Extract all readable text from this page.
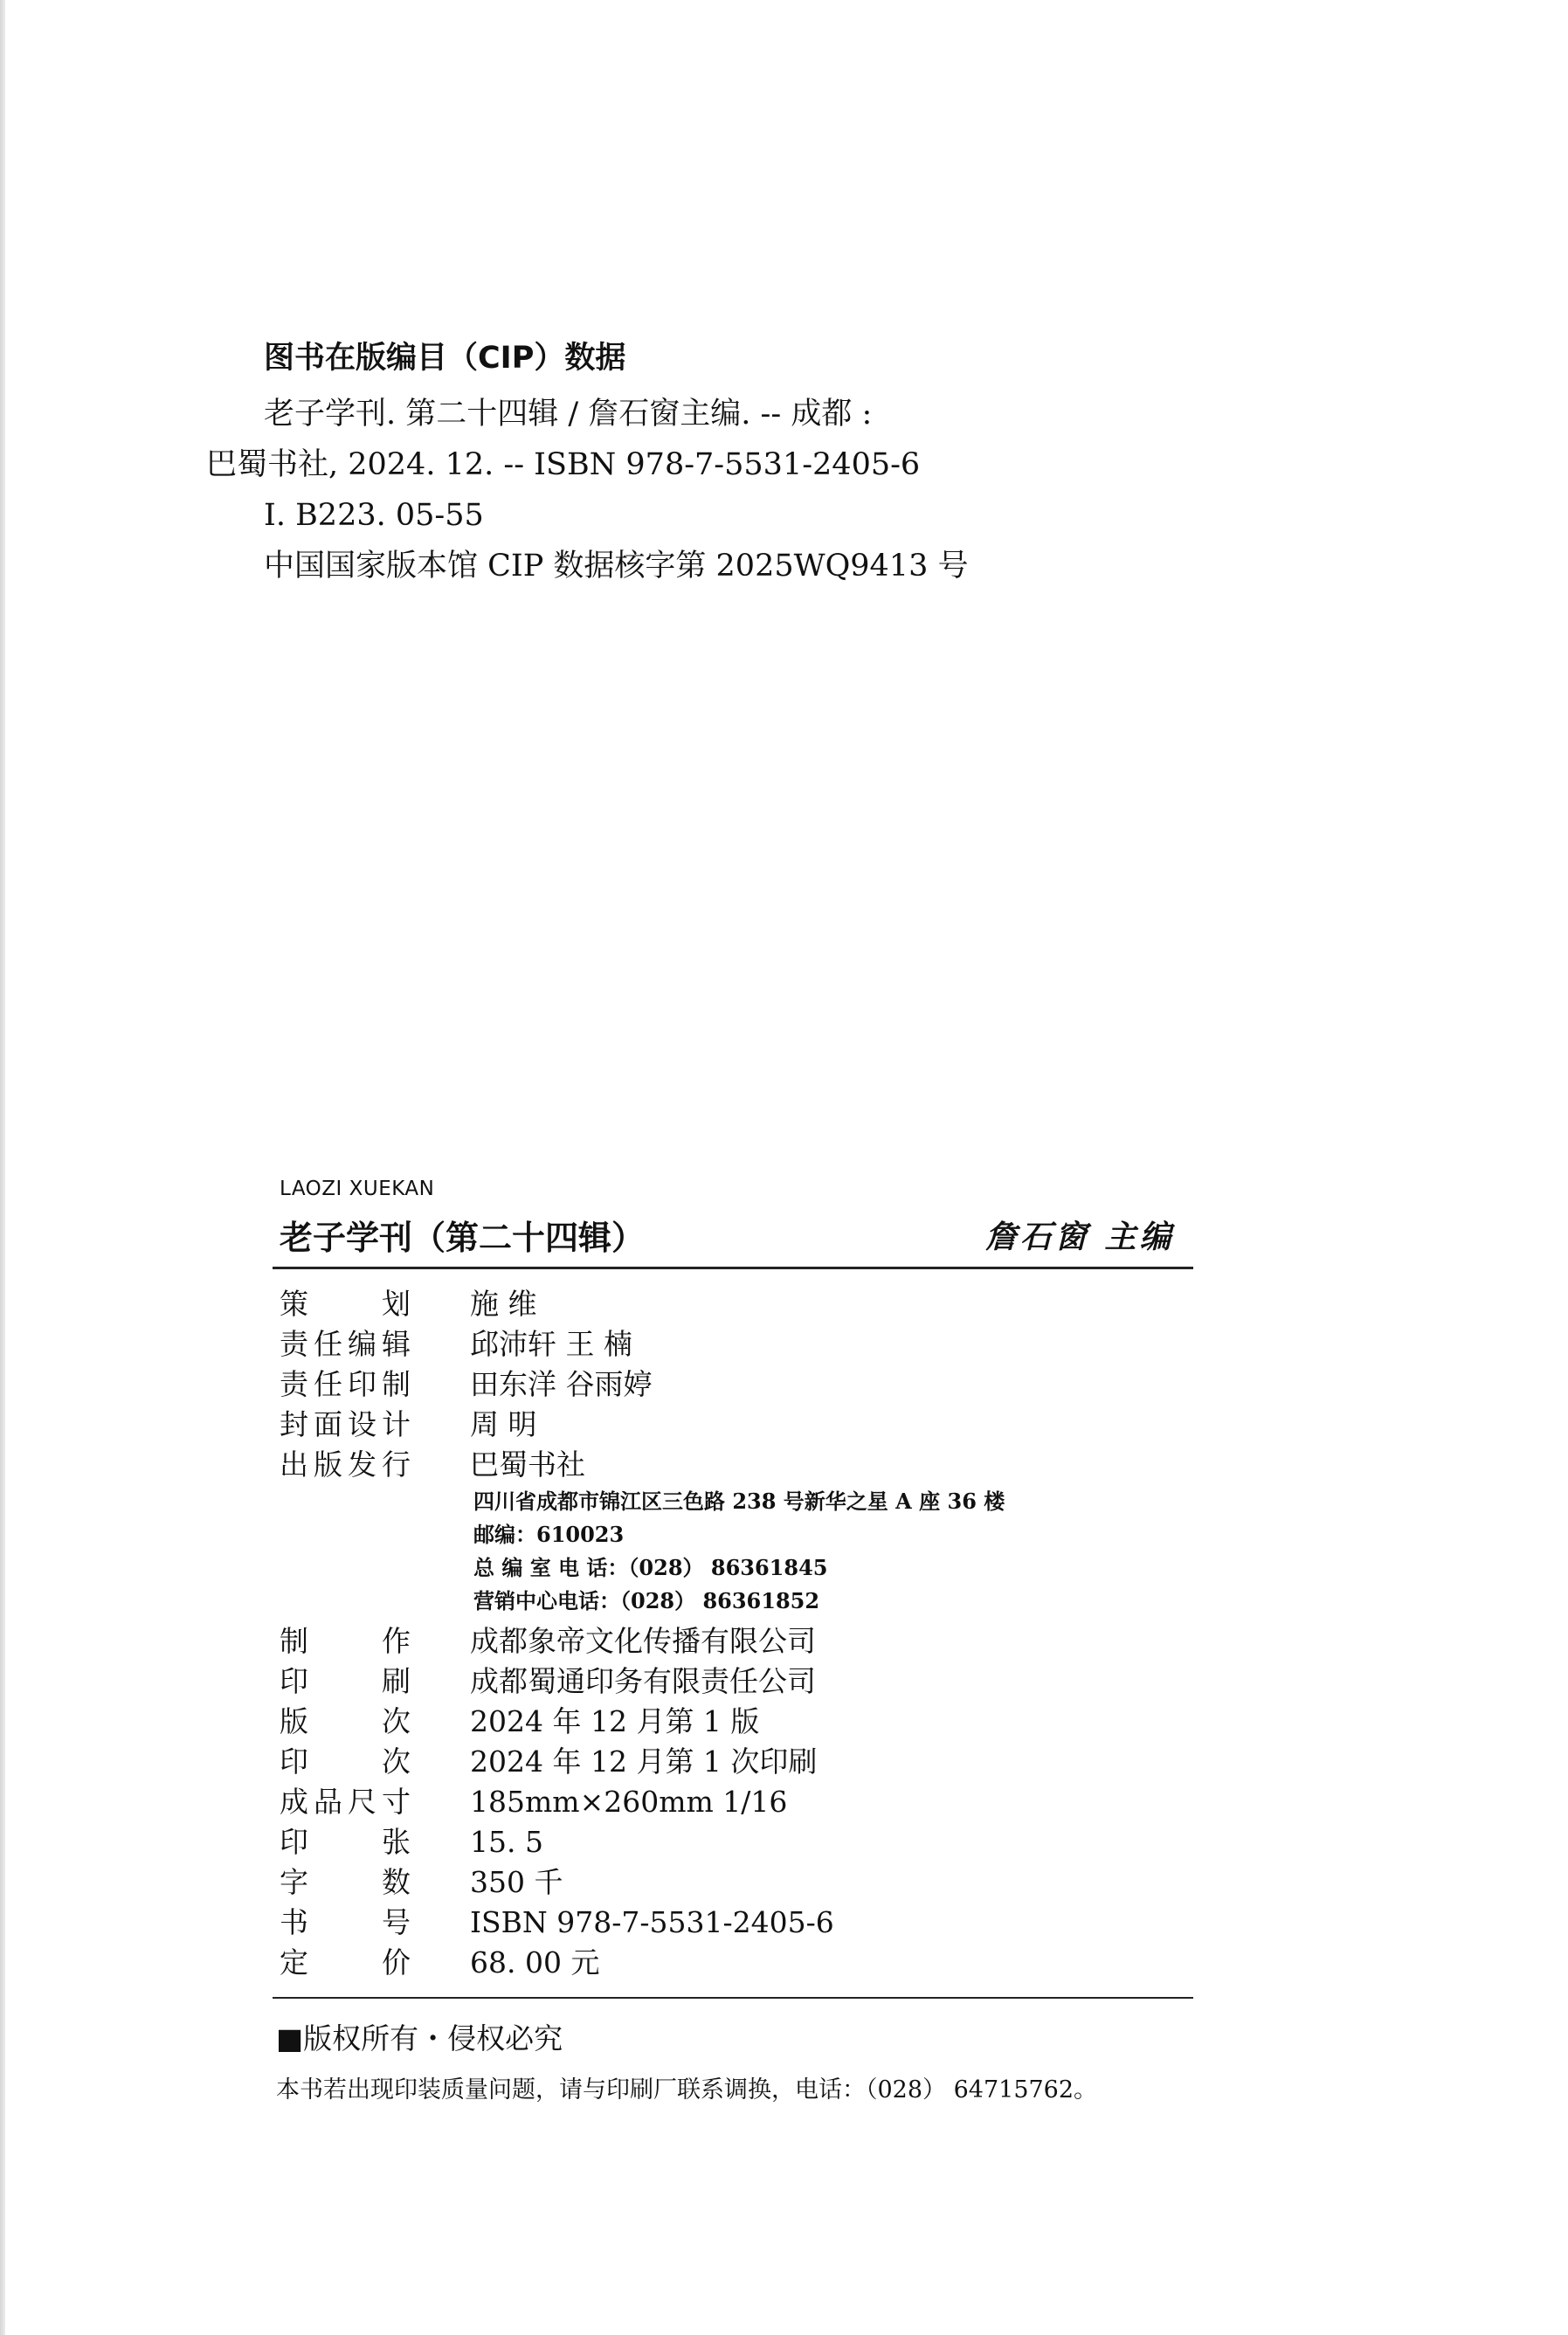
图书在版编目（CIP）数据
老子学刊. 第二十四辑 / 詹石窗主编. -- 成都 :
巴蜀书社, 2024. 12. -- ISBN 978-7-5531-2405-6
Ⅰ. B223. 05-55
中国国家版本馆 CIP 数据核字第 2025WQ9413 号
LAOZI XUEKAN
老子学刊（第二十四辑）	詹石窗 主编
策划 施 维
责任编辑 邱沛轩 王 楠
责任印制 田东洋 谷雨婷
封面设计 周 明
出版发行 巴蜀书社
四川省成都市锦江区三色路 238 号新华之星 A 座 36 楼
邮编：610023
总 编 室 电 话：（028） 86361845
营销中心电话：（028） 86361852
制作 成都象帝文化传播有限公司
印刷 成都蜀通印务有限责任公司
版次 2024 年 12 月第 1 版
印次 2024 年 12 月第 1 次印刷
成品尺寸 185mm×260mm 1/16
印张 15. 5
字数 350 千
书号 ISBN 978-7-5531-2405-6
定价 68. 00 元
■版权所有・侵权必究
本书若出现印装质量问题，请与印刷厂联系调换，电话：（028） 64715762。
